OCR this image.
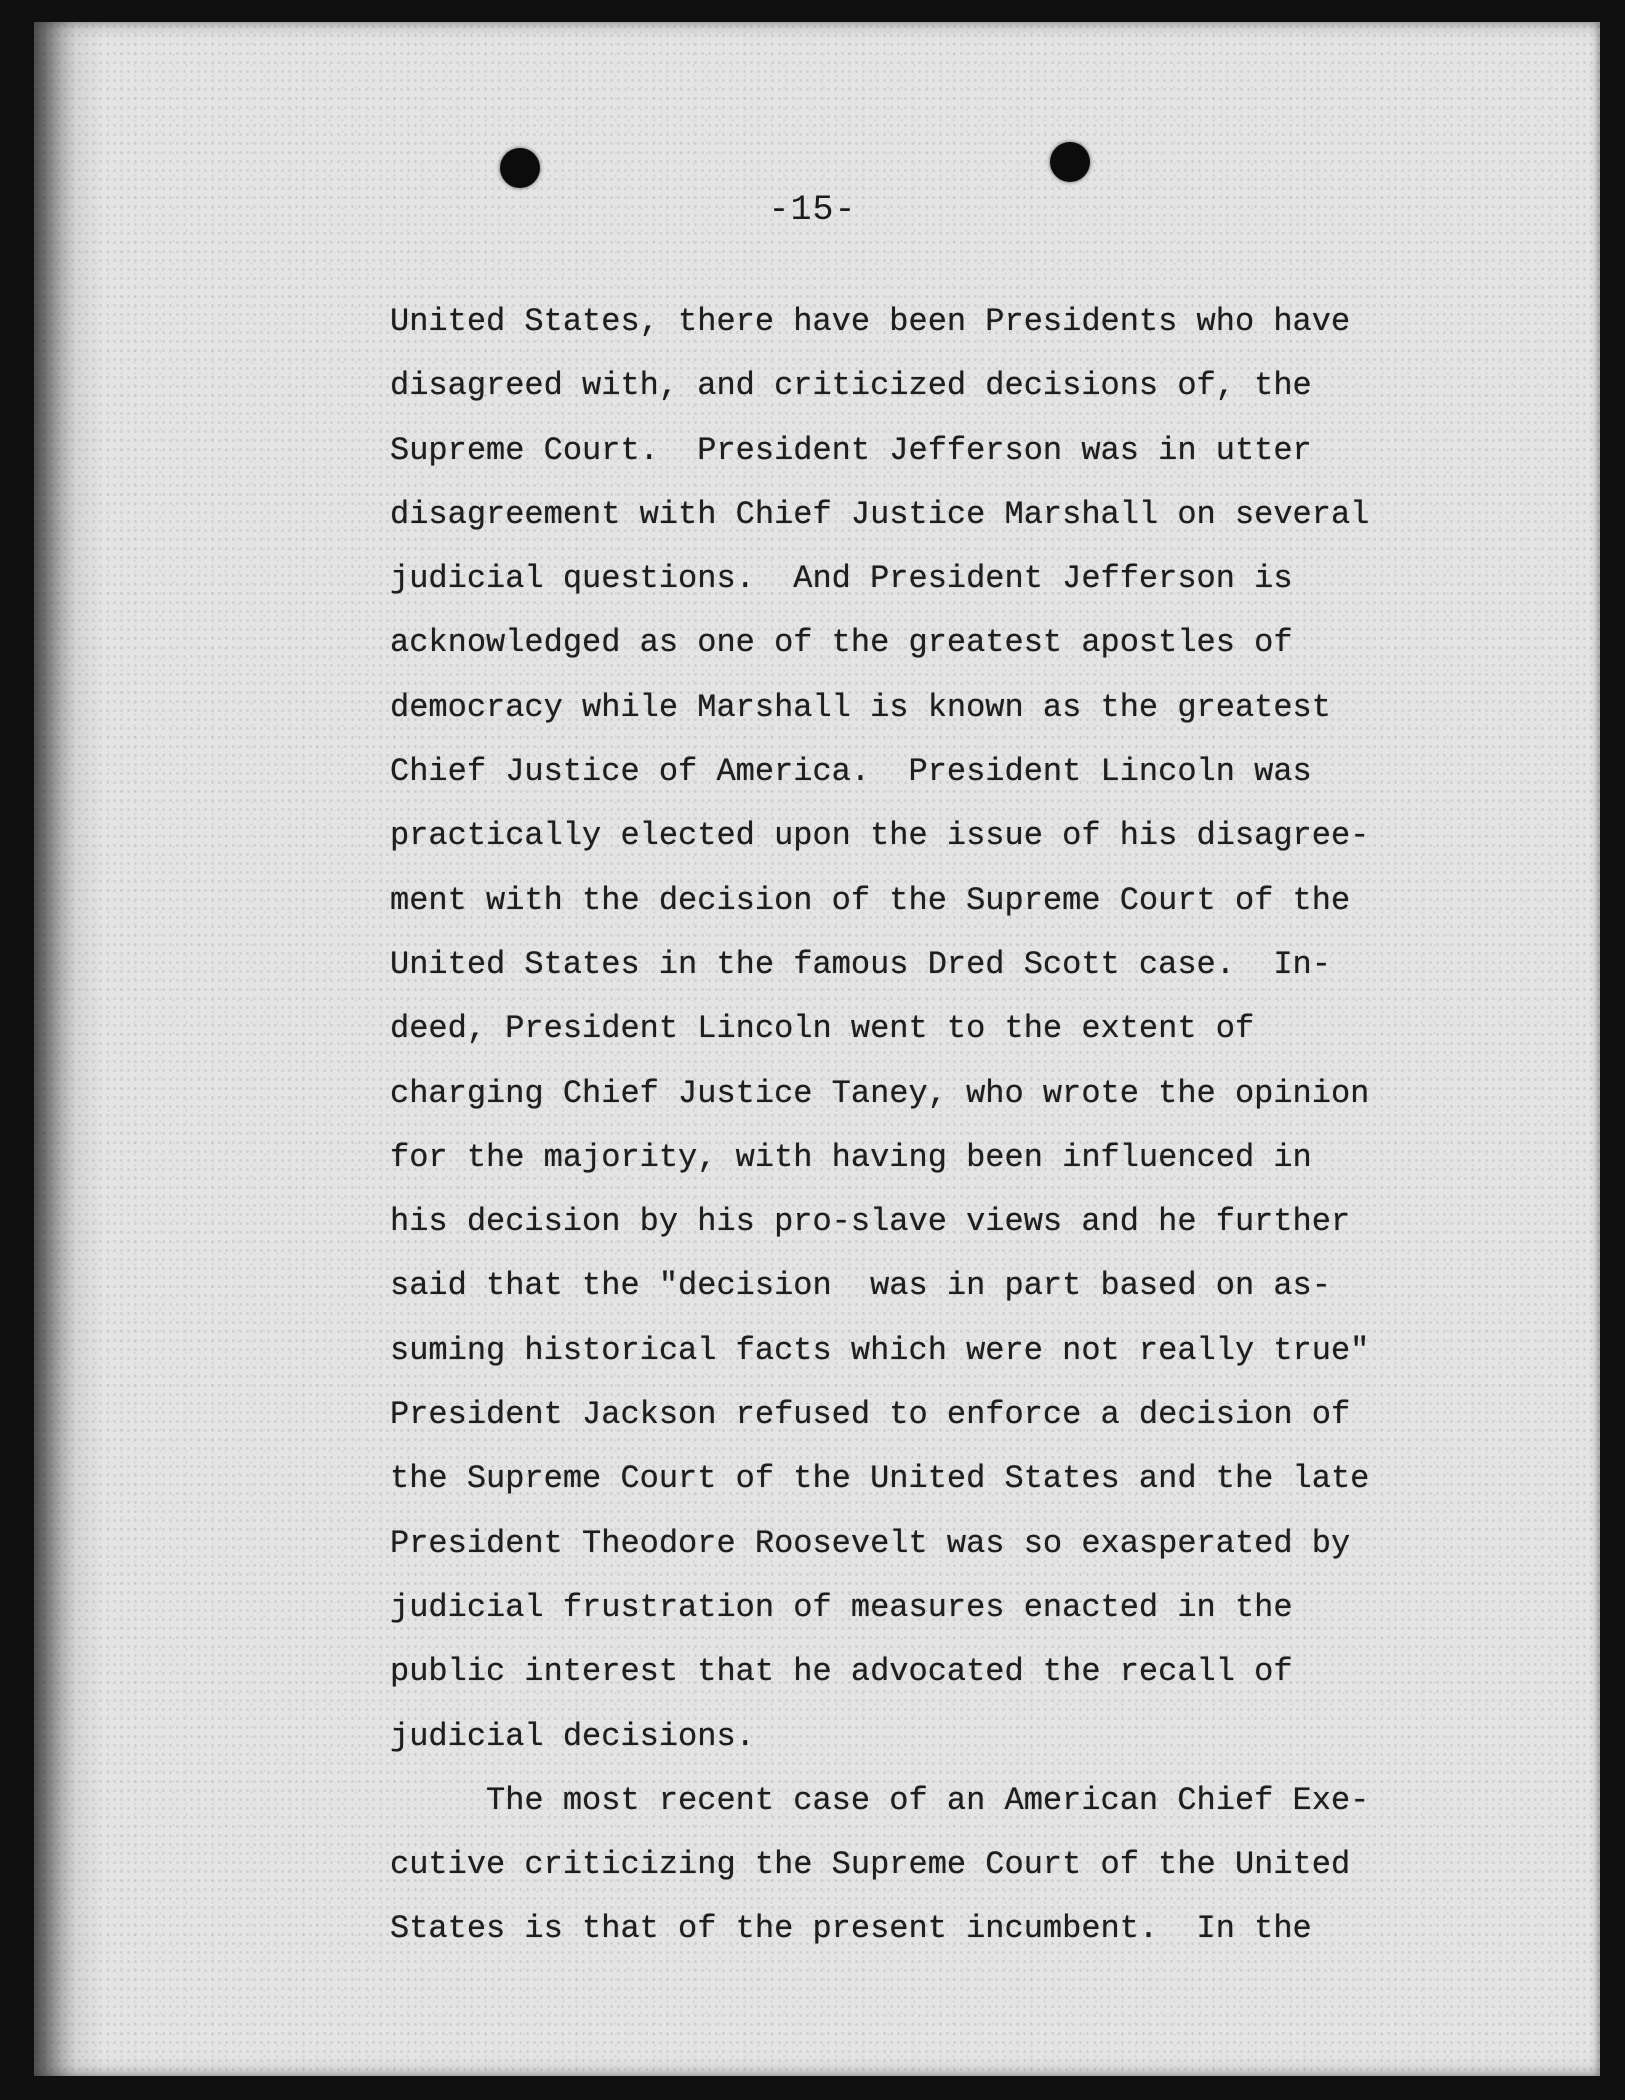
-15-
United States, there have been Presidents who have
disagreed with, and criticized decisions of, the
Supreme Court.  President Jefferson was in utter
disagreement with Chief Justice Marshall on several
judicial questions.  And President Jefferson is
acknowledged as one of the greatest apostles of
democracy while Marshall is known as the greatest
Chief Justice of America.  President Lincoln was
practically elected upon the issue of his disagree-
ment with the decision of the Supreme Court of the
United States in the famous Dred Scott case.  In-
deed, President Lincoln went to the extent of
charging Chief Justice Taney, who wrote the opinion
for the majority, with having been influenced in
his decision by his pro-slave views and he further
said that the "decision  was in part based on as-
suming historical facts which were not really true"
President Jackson refused to enforce a decision of
the Supreme Court of the United States and the late
President Theodore Roosevelt was so exasperated by
judicial frustration of measures enacted in the
public interest that he advocated the recall of
judicial decisions.
The most recent case of an American Chief Exe-
cutive criticizing the Supreme Court of the United
States is that of the present incumbent.  In the
